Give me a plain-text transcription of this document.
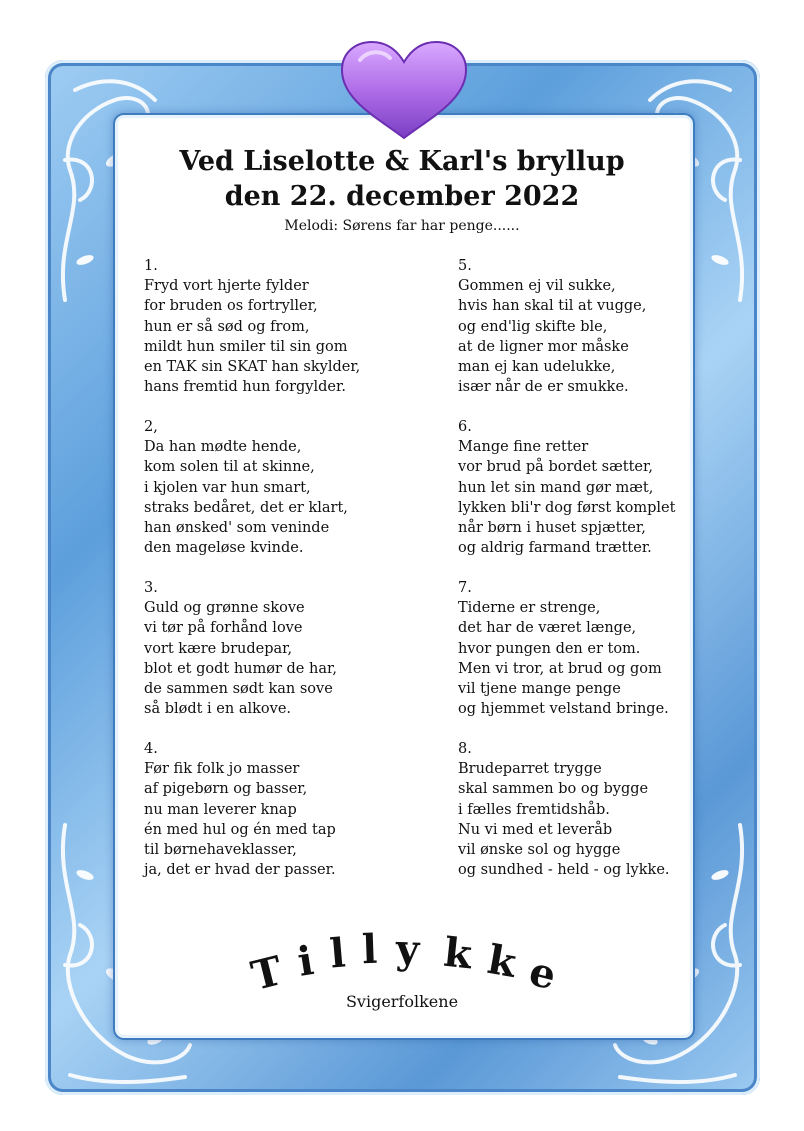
Ved Liselotte & Karl's bryllup
den 22. december 2022
Melodi: Sørens far har penge......
1.
Fryd vort hjerte fylder
for bruden os fortryller,
hun er så sød og from,
mildt hun smiler til sin gom
en TAK sin SKAT han skylder,
hans fremtid hun forgylder.
2,
Da han mødte hende,
kom solen til at skinne,
i kjolen var hun smart,
straks bedåret, det er klart,
han ønsked' som veninde
den mageløse kvinde.
3.
Guld og grønne skove
vi tør på forhånd love
vort kære brudepar,
blot et godt humør de har,
de sammen sødt kan sove
så blødt i en alkove.
4.
Før fik folk jo masser
af pigebørn og basser,
nu man leverer knap
én med hul og én med tap
til børnehaveklasser,
ja, det er hvad der passer.
5.
Gommen ej vil sukke,
hvis han skal til at vugge,
og end'lig skifte ble,
at de ligner mor måske
man ej kan udelukke,
især når de er smukke.
6.
Mange fine retter
vor brud på bordet sætter,
hun let sin mand gør mæt,
lykken bli'r dog først komplet
når børn i huset spjætter,
og aldrig farmand trætter.
7.
Tiderne er strenge,
det har de været længe,
hvor pungen den er tom.
Men vi tror, at brud og gom
vil tjene mange penge
og hjemmet velstand bringe.
8.
Brudeparret trygge
skal sammen bo og bygge
i fælles fremtidshåb.
Nu vi med et leveråb
vil ønske sol og hygge
og sundhed - held - og lykke.
T i l l y k k e
Svigerfolkene
